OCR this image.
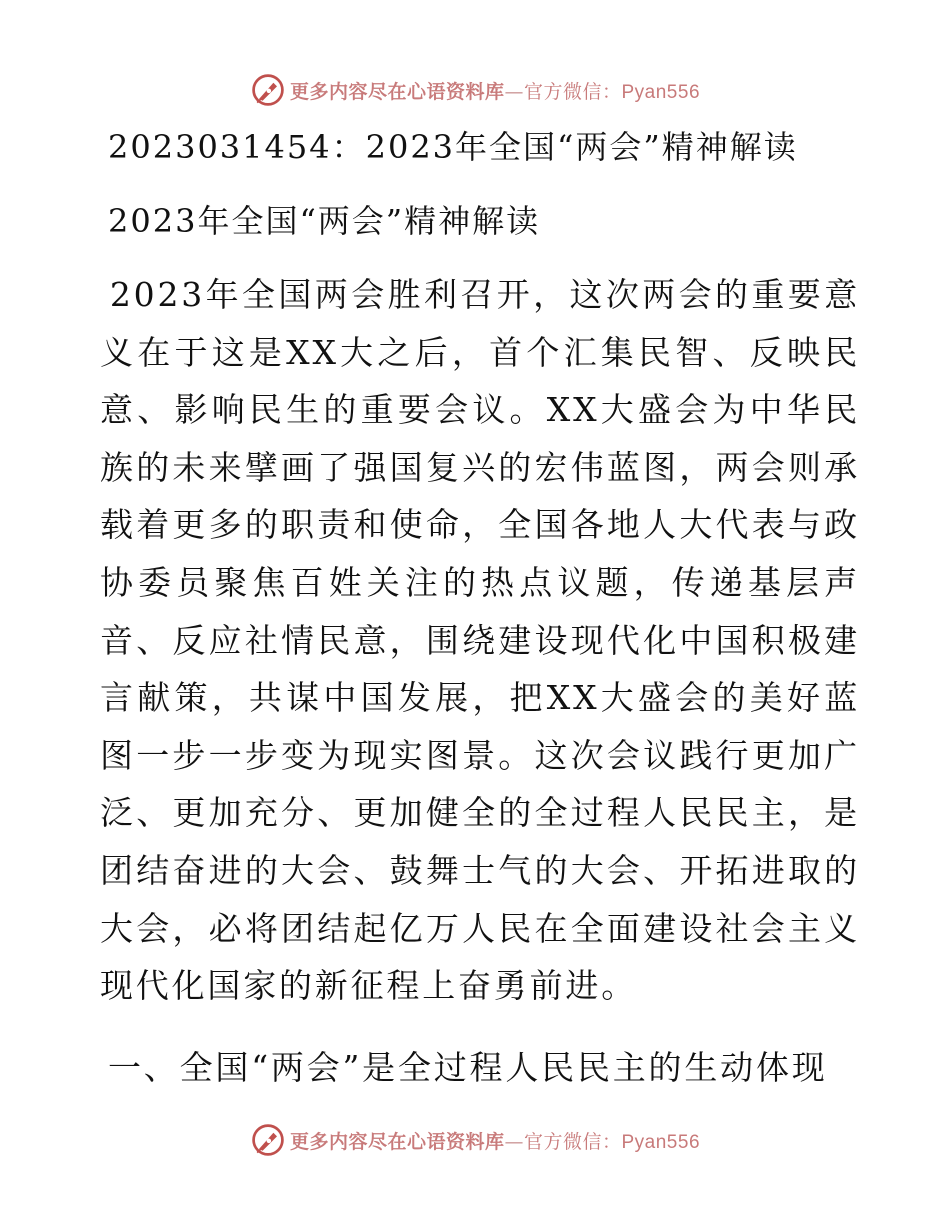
更多内容尽在心语资料库—官方微信：Pyan556
2023031454：2023年全国“两会”精神解读
2023年全国“两会”精神解读

2023年全国两会胜利召开，这次两会的重要意义在于这是XX大之后，首个汇集民智、反映民意、影响民生的重要会议。XX大盛会为中华民族的未来擘画了强国复兴的宏伟蓝图，两会则承载着更多的职责和使命，全国各地人大代表与政协委员聚焦百姓关注的热点议题，传递基层声音、反应社情民意，围绕建设现代化中国积极建言献策，共谋中国发展，把XX大盛会的美好蓝图一步一步变为现实图景。这次会议践行更加广泛、更加充分、更加健全的全过程人民民主，是团结奋进的大会、鼓舞士气的大会、开拓进取的大会，必将团结起亿万人民在全面建设社会主义现代化国家的新征程上奋勇前进。

一、全国“两会”是全过程人民民主的生动体现
更多内容尽在心语资料库—官方微信：Pyan556
